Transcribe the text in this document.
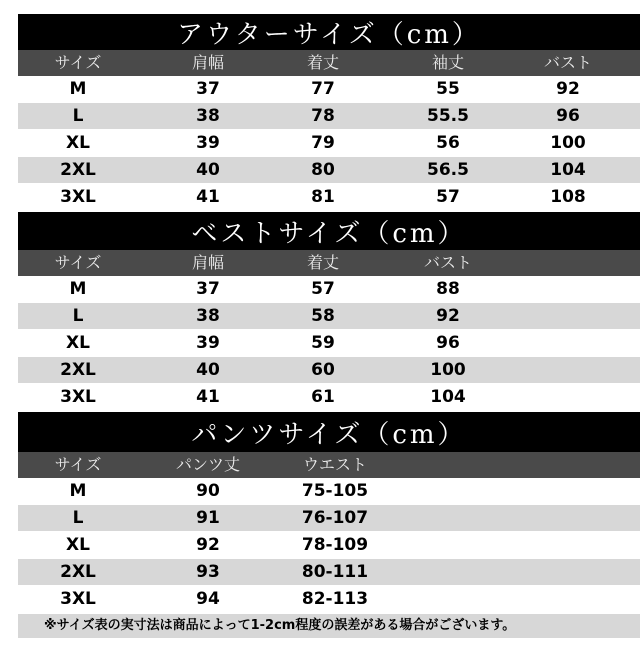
アウターサイズ（cm）
サイズ	肩幅	着丈	袖丈	バスト
M	37	77	55	92
L	38	78	55.5	96
XL	39	79	56	100
2XL	40	80	56.5	104
3XL	41	81	57	108
ベストサイズ（cm）
サイズ	肩幅	着丈	バスト
M	37	57	88
L	38	58	92
XL	39	59	96
2XL	40	60	100
3XL	41	61	104
パンツサイズ（cm）
サイズ	パンツ丈	ウエスト
M	90	75-105
L	91	76-107
XL	92	78-109
2XL	93	80-111
3XL	94	82-113
※サイズ表の実寸法は商品によって1-2cm程度の誤差がある場合がございます。
